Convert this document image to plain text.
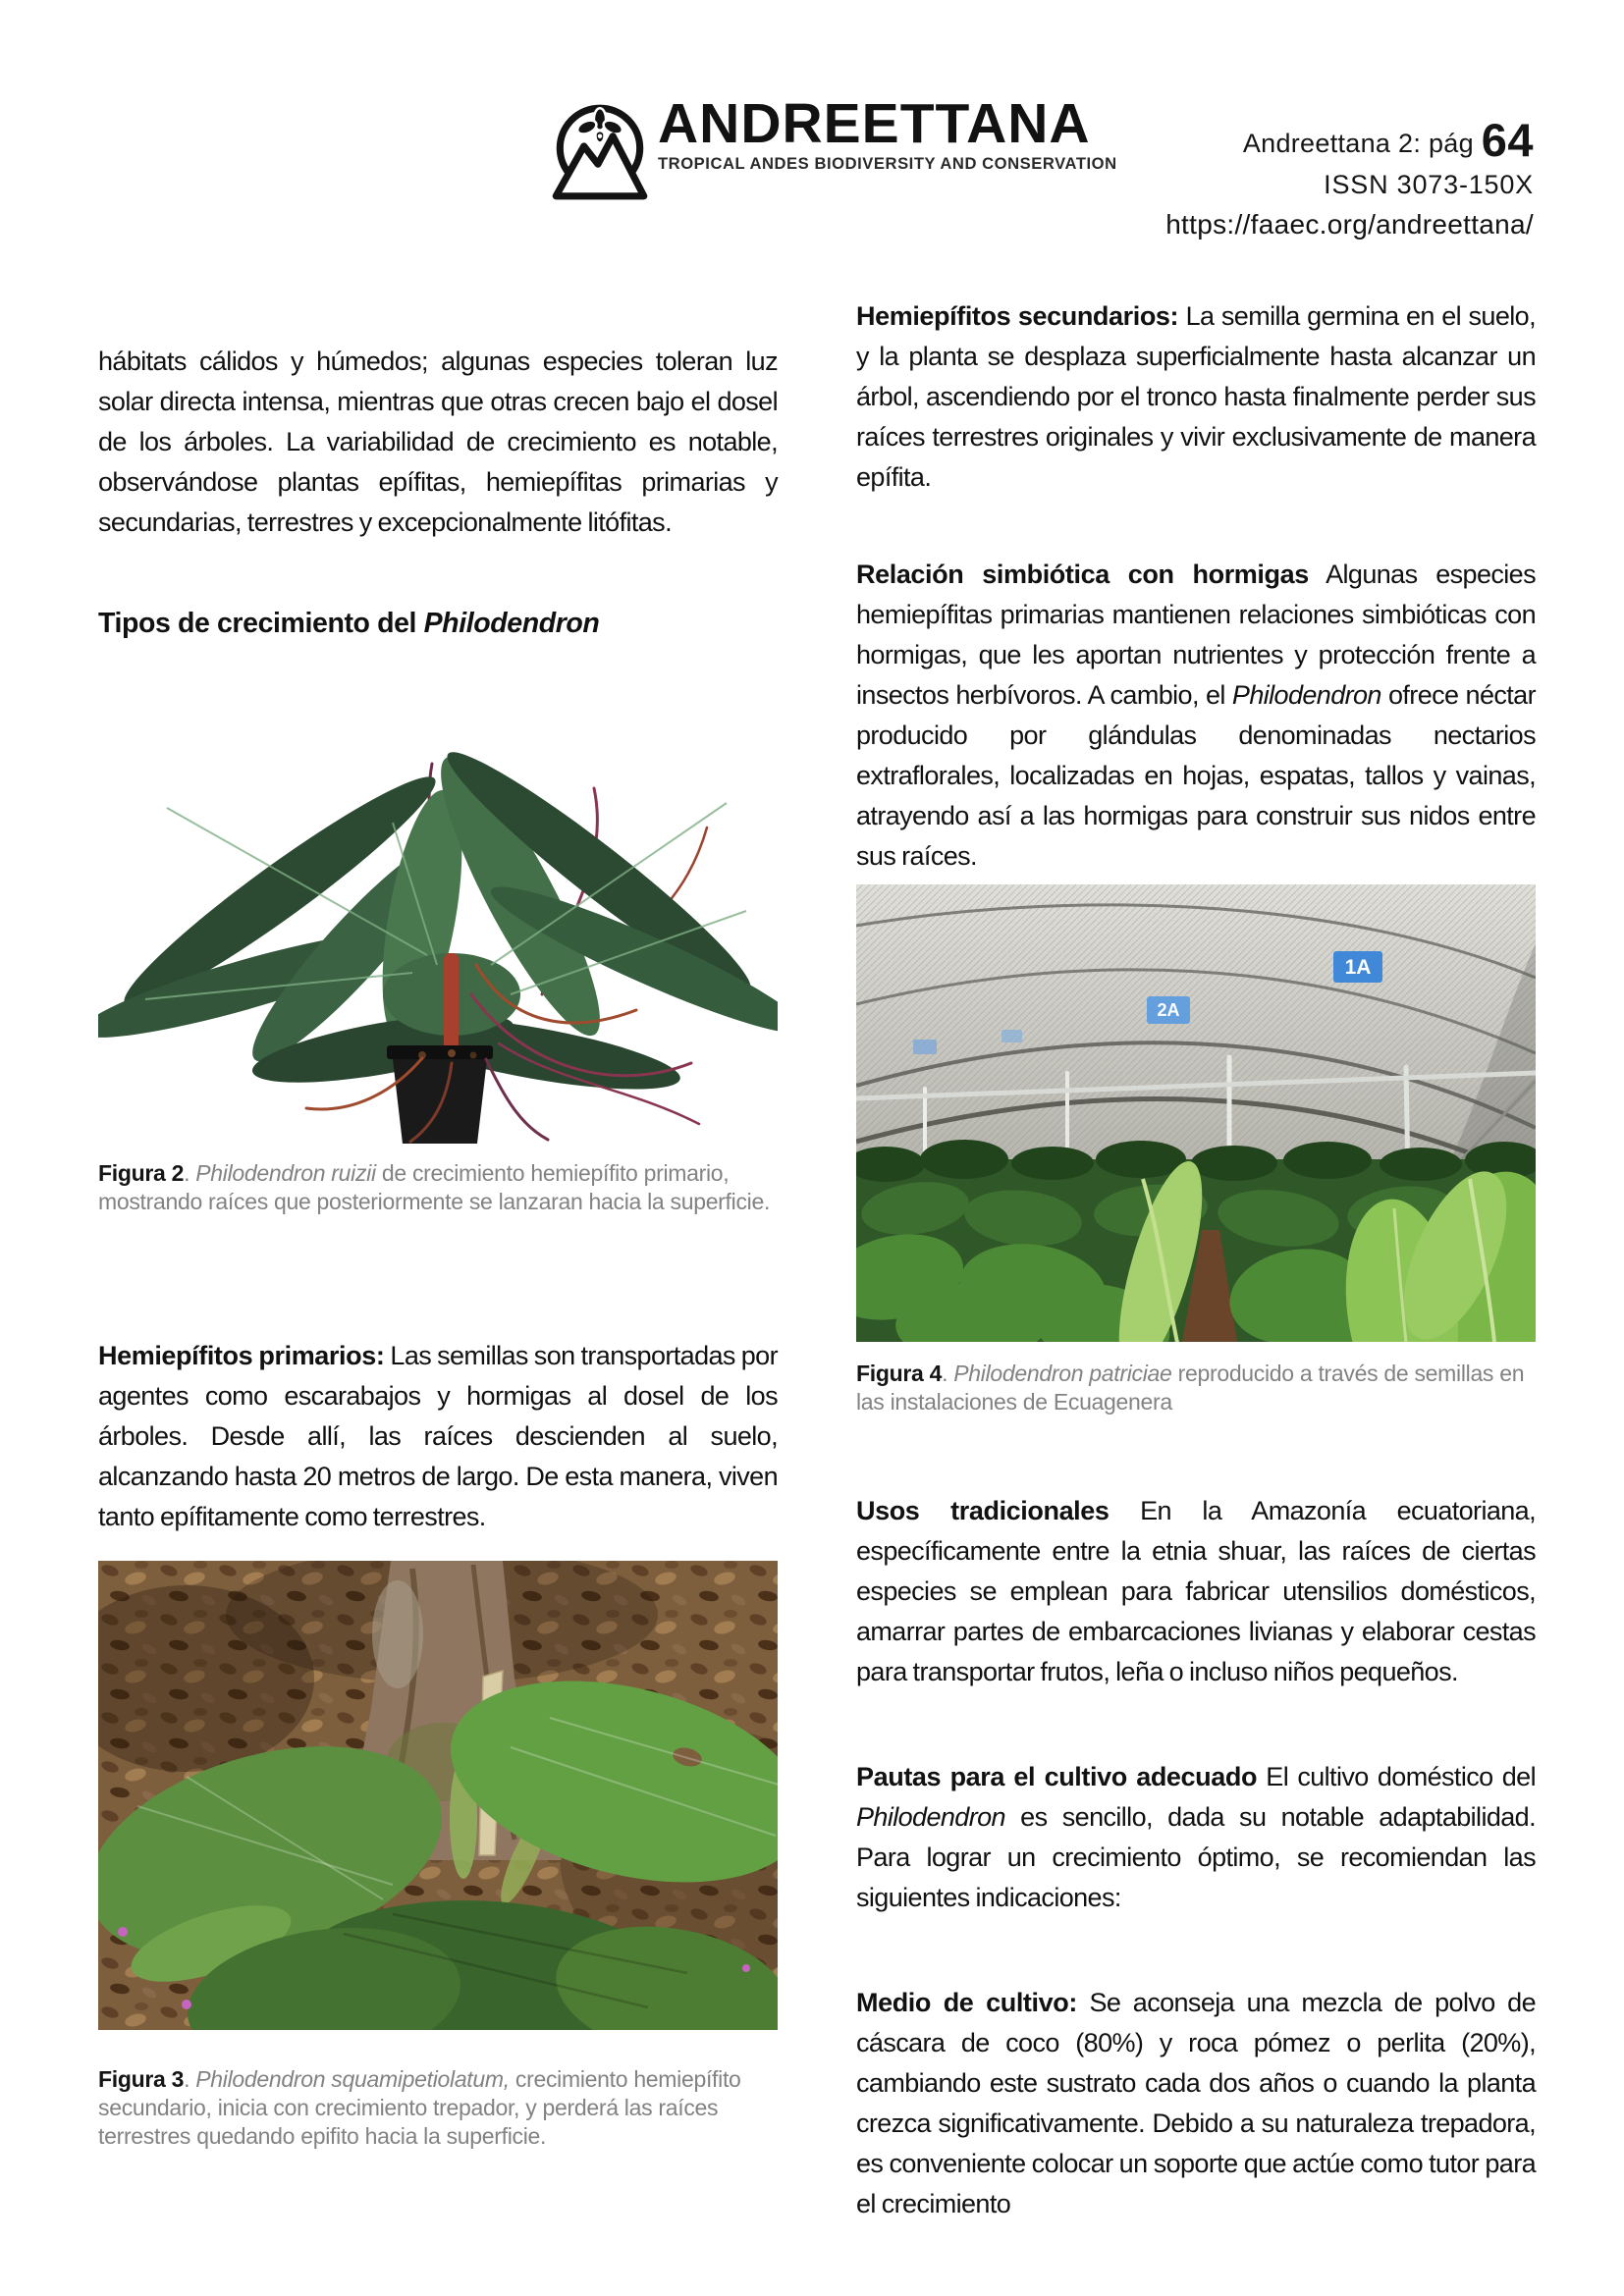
ANDREETTANA
TROPICAL ANDES BIODIVERSITY AND CONSERVATION
Andreettana 2: pág 64
ISSN 3073-150X
https://faaec.org/andreettana/

hábitats cálidos y húmedos; algunas especies toleran luz solar directa intensa, mientras que otras crecen bajo el dosel de los árboles. La variabilidad de crecimiento es notable, observándose plantas epífitas, hemiepífitas primarias y secundarias, terrestres y excepcionalmente litófitas.

Tipos de crecimiento del Philodendron

Figura 2. Philodendron ruizii de crecimiento hemiepífito primario, mostrando raíces que posteriormente se lanzaran hacia la superficie.

Hemiepífitos primarios: Las semillas son transportadas por agentes como escarabajos y hormigas al dosel de los árboles. Desde allí, las raíces descienden al suelo, alcanzando hasta 20 metros de largo. De esta manera, viven tanto epífitamente como terrestres.

Figura 3. Philodendron squamipetiolatum, crecimiento hemiepífito secundario, inicia con crecimiento trepador, y perderá las raíces terrestres quedando epifito hacia la superficie.

Hemiepífitos secundarios: La semilla germina en el suelo, y la planta se desplaza superficialmente hasta alcanzar un árbol, ascendiendo por el tronco hasta finalmente perder sus raíces terrestres originales y vivir exclusivamente de manera epífita.

Relación simbiótica con hormigas Algunas especies hemiepífitas primarias mantienen relaciones simbióticas con hormigas, que les aportan nutrientes y protección frente a insectos herbívoros. A cambio, el Philodendron ofrece néctar producido por glándulas denominadas nectarios extraflorales, localizadas en hojas, espatas, tallos y vainas, atrayendo así a las hormigas para construir sus nidos entre sus raíces.

1A
2A

Figura 4. Philodendron patriciae reproducido a través de semillas en las instalaciones de Ecuagenera

Usos tradicionales En la Amazonía ecuatoriana, específicamente entre la etnia shuar, las raíces de ciertas especies se emplean para fabricar utensilios domésticos, amarrar partes de embarcaciones livianas y elaborar cestas para transportar frutos, leña o incluso niños pequeños.

Pautas para el cultivo adecuado El cultivo doméstico del Philodendron es sencillo, dada su notable adaptabilidad. Para lograr un crecimiento óptimo, se recomiendan las siguientes indicaciones:

Medio de cultivo: Se aconseja una mezcla de polvo de cáscara de coco (80%) y roca pómez o perlita (20%), cambiando este sustrato cada dos años o cuando la planta crezca significativamente. Debido a su naturaleza trepadora, es conveniente colocar un soporte que actúe como tutor para el crecimiento
